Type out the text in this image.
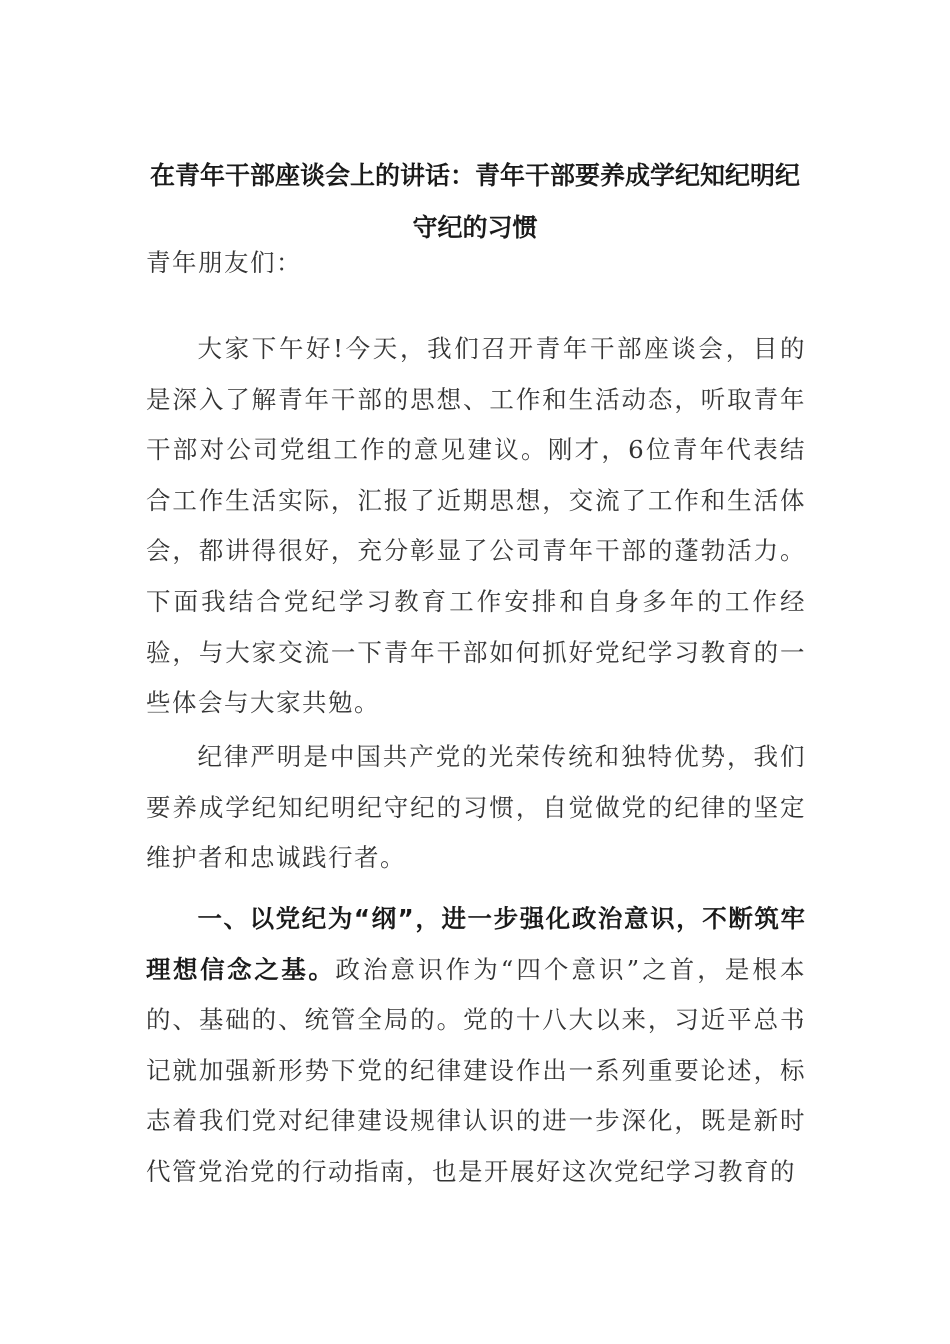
在青年干部座谈会上的讲话：青年干部要养成学纪知纪明纪守纪的习惯

青年朋友们：

大家下午好!今天，我们召开青年干部座谈会，目的是深入了解青年干部的思想、工作和生活动态，听取青年干部对公司党组工作的意见建议。刚才，6位青年代表结合工作生活实际，汇报了近期思想，交流了工作和生活体会，都讲得很好，充分彰显了公司青年干部的蓬勃活力。下面我结合党纪学习教育工作安排和自身多年的工作经验，与大家交流一下青年干部如何抓好党纪学习教育的一些体会与大家共勉。

纪律严明是中国共产党的光荣传统和独特优势，我们要养成学纪知纪明纪守纪的习惯，自觉做党的纪律的坚定维护者和忠诚践行者。

一、以党纪为“纲”，进一步强化政治意识，不断筑牢理想信念之基。政治意识作为“四个意识”之首，是根本的、基础的、统管全局的。党的十八大以来，习近平总书记就加强新形势下党的纪律建设作出一系列重要论述，标志着我们党对纪律建设规律认识的进一步深化，既是新时代管党治党的行动指南，也是开展好这次党纪学习教育的
